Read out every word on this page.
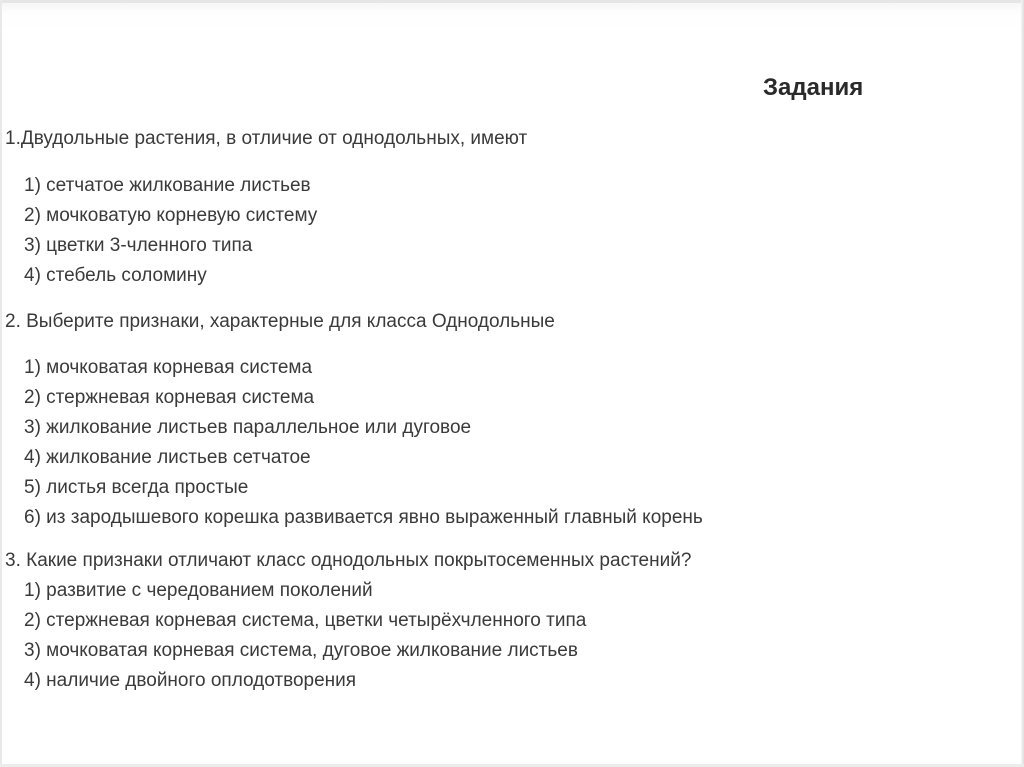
Задания

1.Двудольные растения, в отличие от однодольных, имеют

1) сетчатое жилкование листьев
2) мочковатую корневую систему
3) цветки 3-членного типа
4) стебель соломину

2. Выберите признаки, характерные для класса Однодольные

1) мочковатая корневая система
2) стержневая корневая система
3) жилкование листьев параллельное или дуговое
4) жилкование листьев сетчатое
5) листья всегда простые
6) из зародышевого корешка развивается явно выраженный главный корень

3. Какие признаки отличают класс однодольных покрытосеменных растений?

1) развитие с чередованием поколений
2) стержневая корневая система, цветки четырёхчленного типа
3) мочковатая корневая система, дуговое жилкование листьев
4) наличие двойного оплодотворения
